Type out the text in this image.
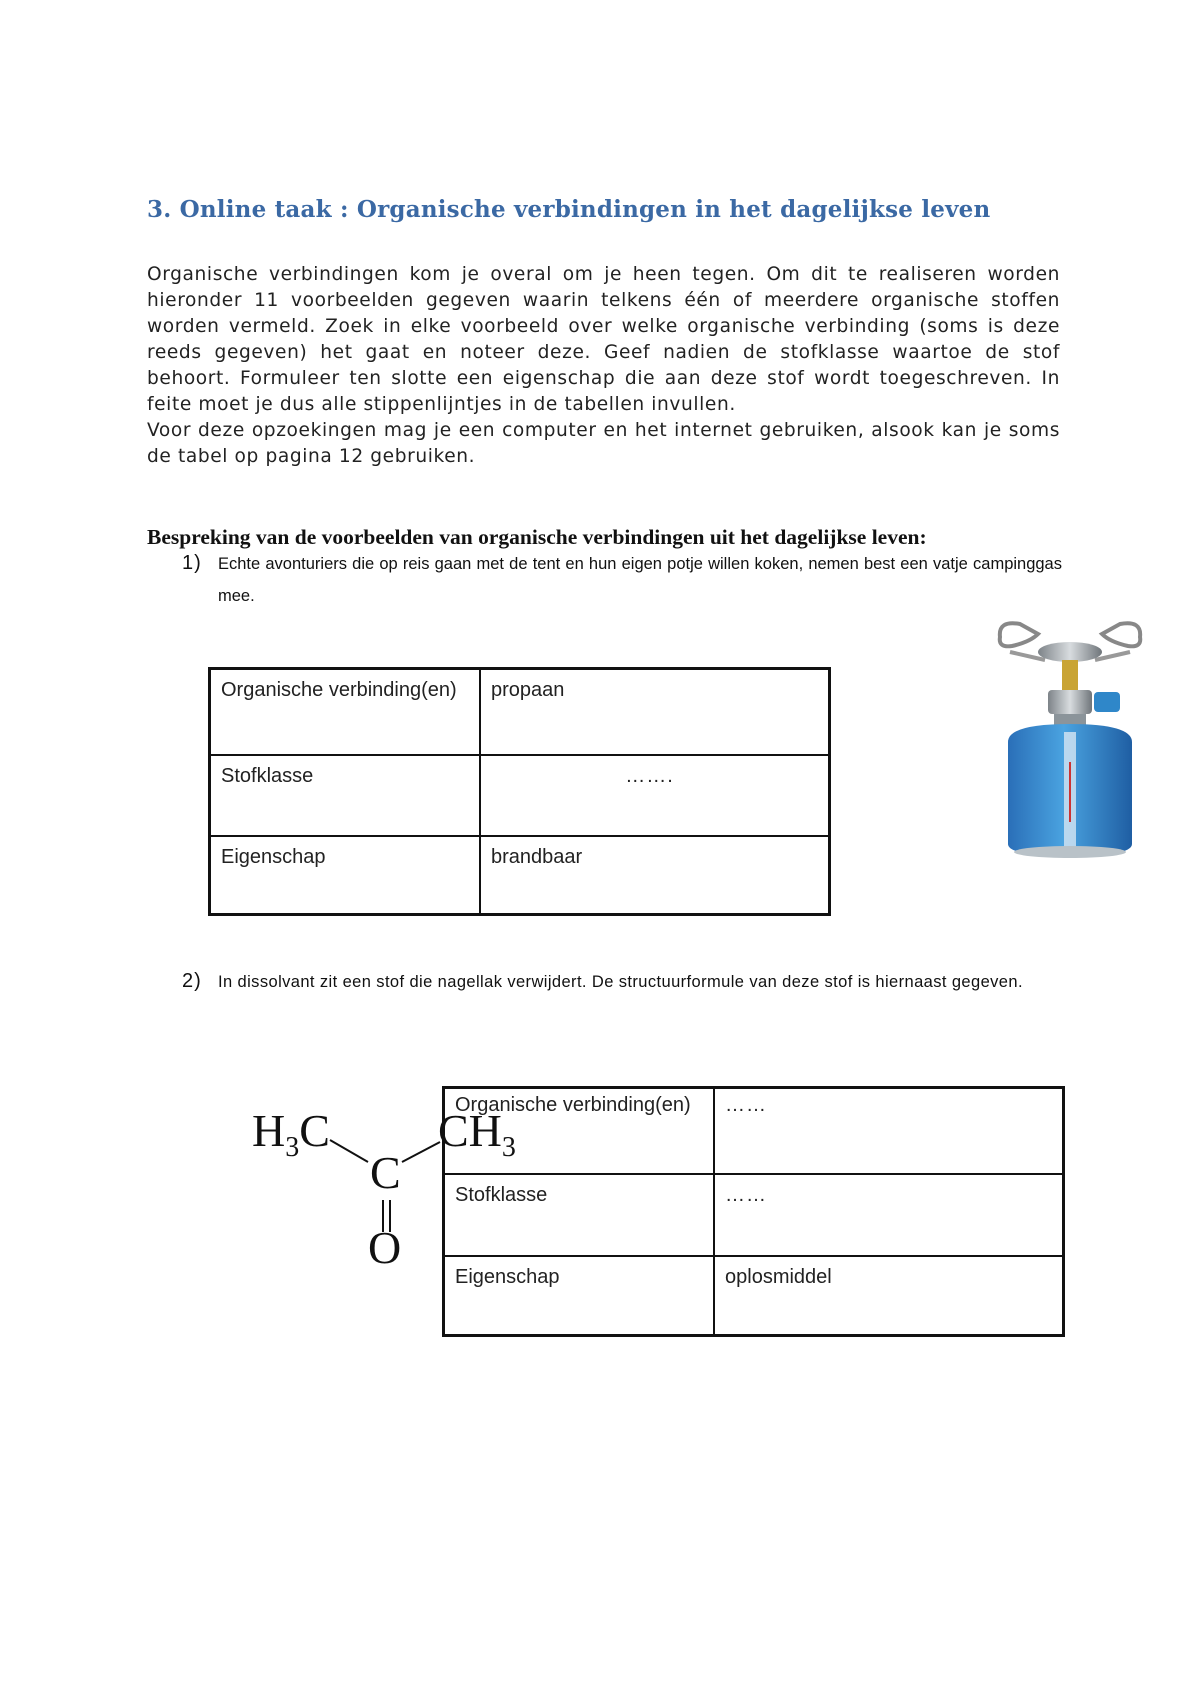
3. Online taak : Organische verbindingen in het dagelijkse leven

Organische verbindingen kom je overal om je heen tegen. Om dit te realiseren worden hieronder 11 voorbeelden gegeven waarin telkens één of meerdere organische stoffen worden vermeld. Zoek in elke voorbeeld over welke organische verbinding (soms is deze reeds gegeven) het gaat en noteer deze. Geef nadien de stofklasse waartoe de stof behoort. Formuleer ten slotte een eigenschap die aan deze stof wordt toegeschreven. In feite moet je dus alle stippenlijntjes in de tabellen invullen.

Voor deze opzoekingen mag je een computer en het internet gebruiken, alsook kan je soms de tabel op pagina 12 gebruiken.

Bespreking van de voorbeelden van organische verbindingen uit het dagelijkse leven:
1) Echte avonturiers die op reis gaan met de tent en hun eigen potje willen koken, nemen best een vatje campinggas mee.
Organische verbinding(en)	propaan
Stofklasse	…….
Eigenschap	brandbaar
2) In dissolvant zit een stof die nagellak verwijdert. De structuurformule van deze stof is hiernaast gegeven.
$H_3C$
C
O
$CH_3$
Organische verbinding(en)	……
Stofklasse	……
Eigenschap	oplosmiddel
